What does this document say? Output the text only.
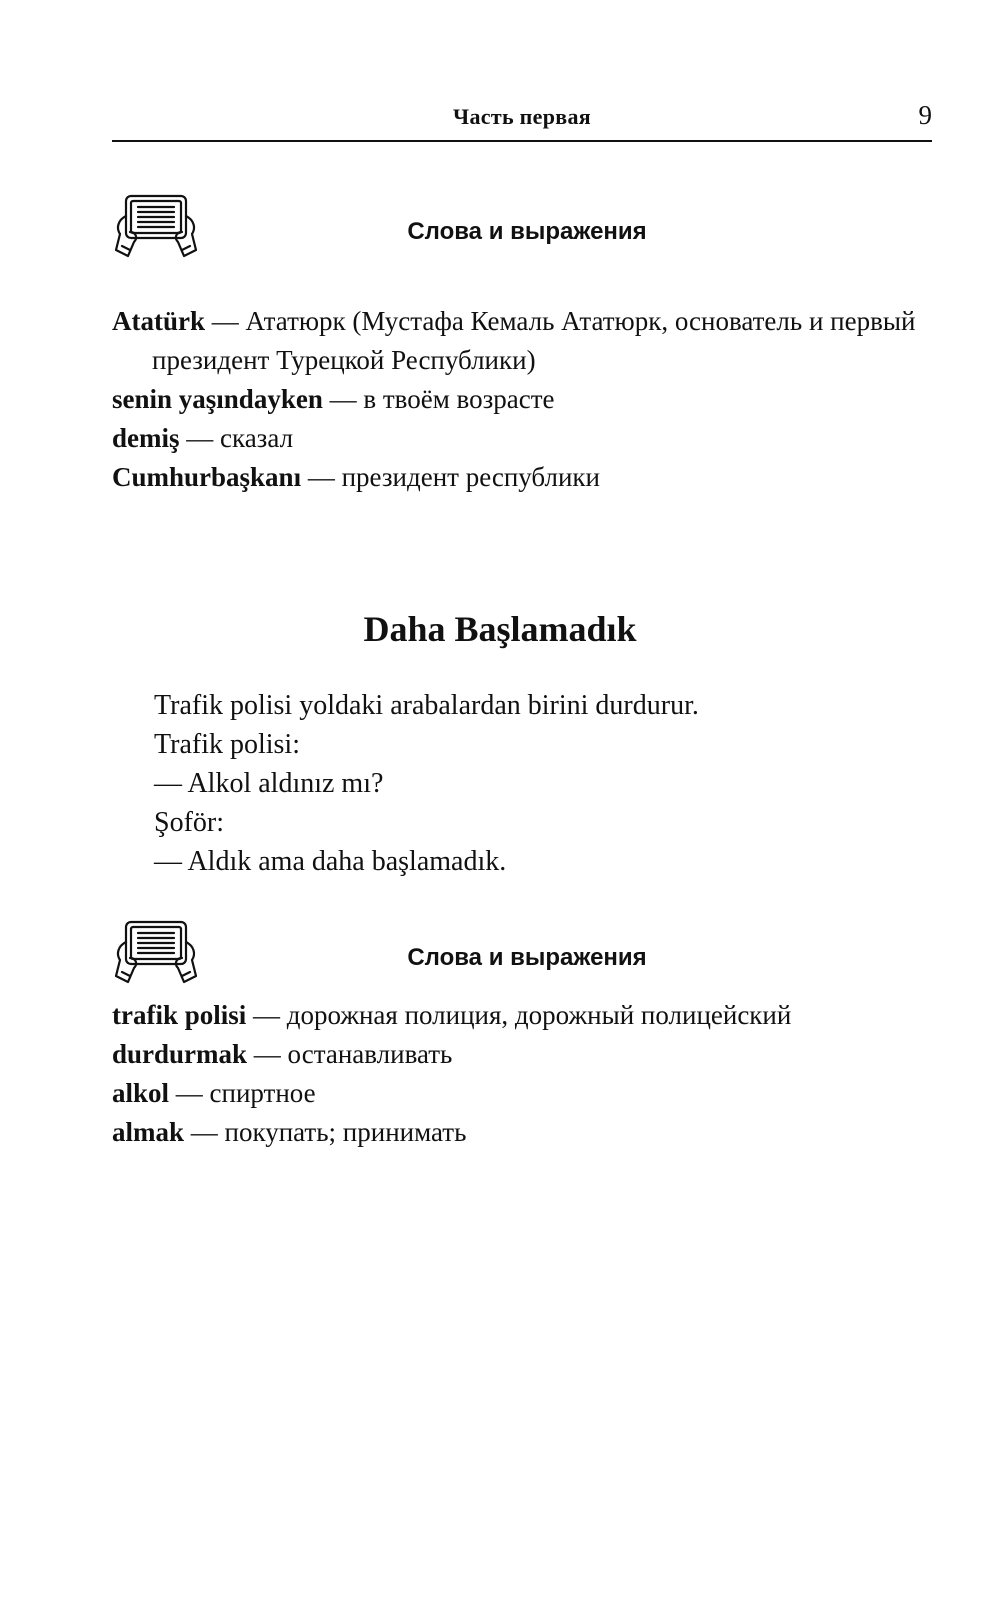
Часть первая	9
Слова и выражения
Atatürk — Ататюрк (Мустафа Кемаль Ататюрк, основатель и первый президент Турецкой Республики)
senin yaşındayken — в твоём возрасте
demiş — сказал
Cumhurbaşkanı — президент республики
Daha Başlamadık

Trafik polisi yoldaki arabalardan birini durdurur.

Trafik polisi:

— Alkol aldınız mı?

Şoför:

— Aldık ama daha başlamadık.

Слова и выражения
trafik polisi — дорожная полиция, дорожный полицейский
durdurmak — останавливать
alkol — спиртное
almak — покупать; принимать
